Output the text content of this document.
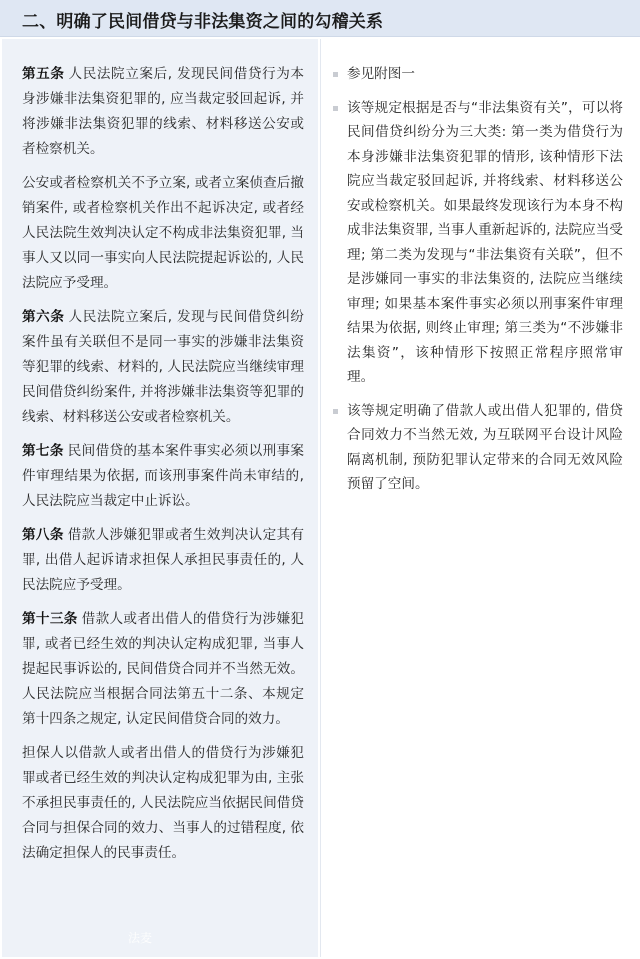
二、明确了民间借贷与非法集资之间的勾稽关系

第五条 人民法院立案后, 发现民间借贷行为本身涉嫌非法集资犯罪的, 应当裁定驳回起诉, 并将涉嫌非法集资犯罪的线索、材料移送公安或者检察机关。

公安或者检察机关不予立案, 或者立案侦查后撤销案件, 或者检察机关作出不起诉决定, 或者经人民法院生效判决认定不构成非法集资犯罪, 当事人又以同一事实向人民法院提起诉讼的, 人民法院应予受理。

第六条 人民法院立案后, 发现与民间借贷纠纷案件虽有关联但不是同一事实的涉嫌非法集资等犯罪的线索、材料的, 人民法院应当继续审理民间借贷纠纷案件, 并将涉嫌非法集资等犯罪的线索、材料移送公安或者检察机关。

第七条 民间借贷的基本案件事实必须以刑事案件审理结果为依据, 而该刑事案件尚未审结的, 人民法院应当裁定中止诉讼。

第八条 借款人涉嫌犯罪或者生效判决认定其有罪, 出借人起诉请求担保人承担民事责任的, 人民法院应予受理。

第十三条 借款人或者出借人的借贷行为涉嫌犯罪, 或者已经生效的判决认定构成犯罪, 当事人提起民事诉讼的, 民间借贷合同并不当然无效。人民法院应当根据合同法第五十二条、本规定第十四条之规定, 认定民间借贷合同的效力。

担保人以借款人或者出借人的借贷行为涉嫌犯罪或者已经生效的判决认定构成犯罪为由, 主张不承担民事责任的, 人民法院应当依据民间借贷合同与担保合同的效力、当事人的过错程度, 依法确定担保人的民事责任。

参见附图一
该等规定根据是否与“非法集资有关”，可以将民间借贷纠纷分为三大类: 第一类为借贷行为本身涉嫌非法集资犯罪的情形, 该种情形下法院应当裁定驳回起诉, 并将线索、材料移送公安或检察机关。如果最终发现该行为本身不构成非法集资罪, 当事人重新起诉的, 法院应当受理; 第二类为发现与“非法集资有关联”，但不是涉嫌同一事实的非法集资的, 法院应当继续审理; 如果基本案件事实必须以刑事案件审理结果为依据, 则终止审理; 第三类为“不涉嫌非法集资”，该种情形下按照正常程序照常审理。
该等规定明确了借款人或出借人犯罪的, 借贷合同效力不当然无效, 为互联网平台设计风险隔离机制, 预防犯罪认定带来的合同无效风险预留了空间。
法麦
